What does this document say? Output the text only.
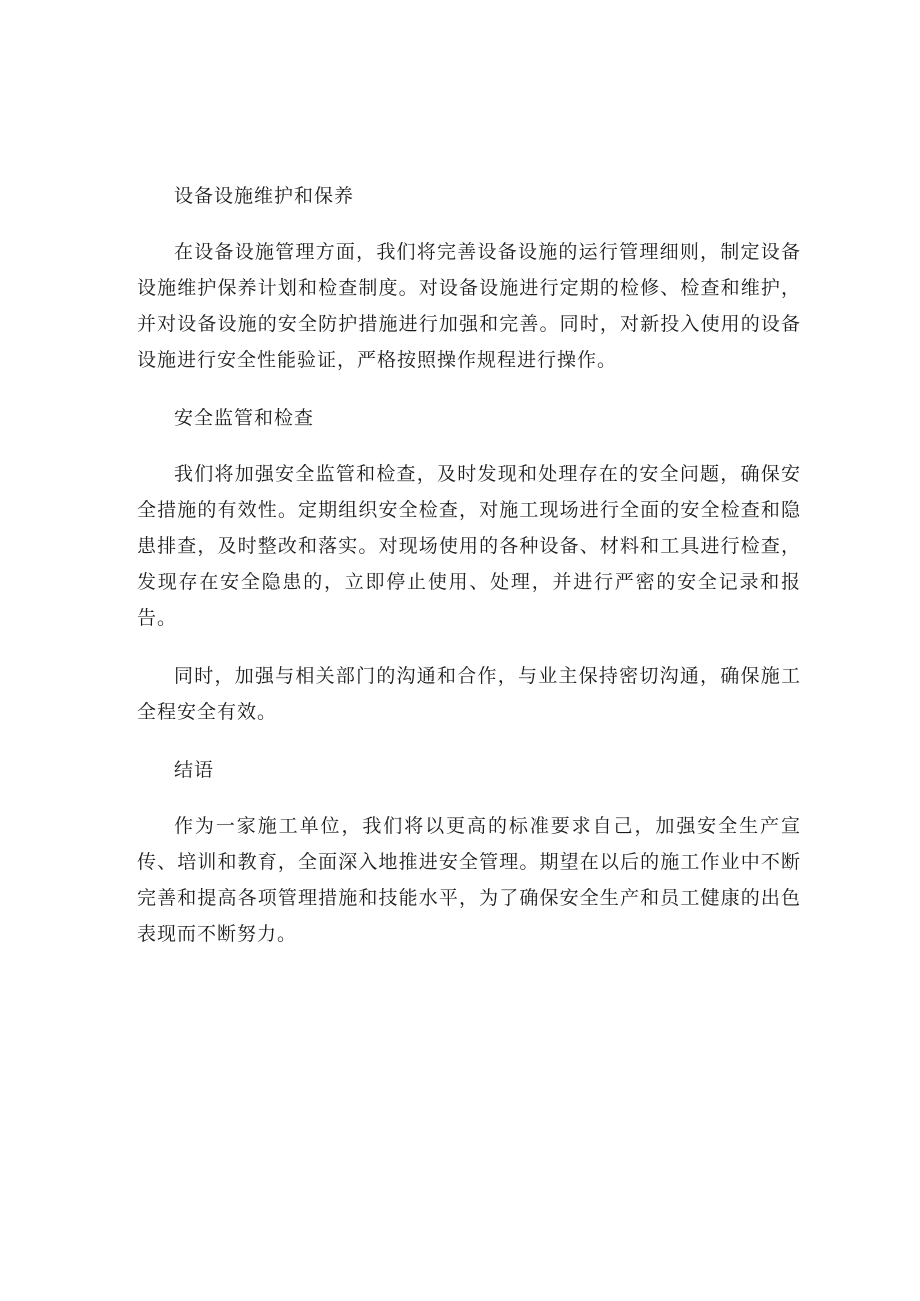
设备设施维护和保养

在设备设施管理方面，我们将完善设备设施的运行管理细则，制定设备设施维护保养计划和检查制度。对设备设施进行定期的检修、检查和维护，并对设备设施的安全防护措施进行加强和完善。同时，对新投入使用的设备设施进行安全性能验证，严格按照操作规程进行操作。

安全监管和检查

我们将加强安全监管和检查，及时发现和处理存在的安全问题，确保安全措施的有效性。定期组织安全检查，对施工现场进行全面的安全检查和隐患排查，及时整改和落实。对现场使用的各种设备、材料和工具进行检查，发现存在安全隐患的，立即停止使用、处理，并进行严密的安全记录和报告。

同时，加强与相关部门的沟通和合作，与业主保持密切沟通，确保施工全程安全有效。

结语

作为一家施工单位，我们将以更高的标准要求自己，加强安全生产宣传、培训和教育，全面深入地推进安全管理。期望在以后的施工作业中不断完善和提高各项管理措施和技能水平，为了确保安全生产和员工健康的出色表现而不断努力。
